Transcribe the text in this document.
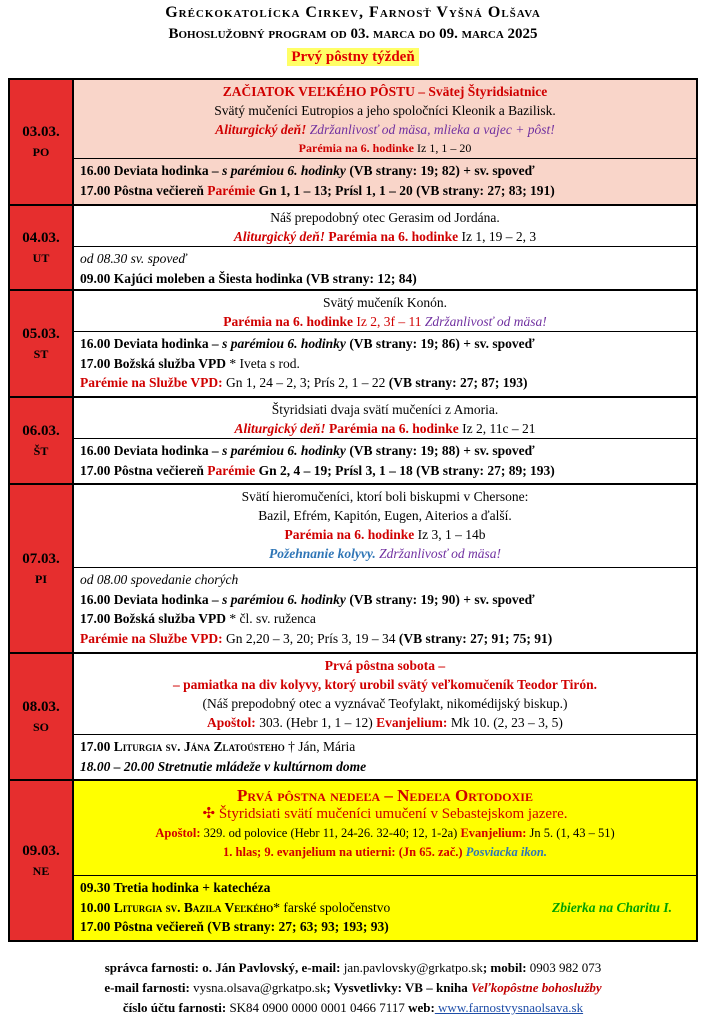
Gréckokatolícka Cirkev, Farnosť Vyšná Olšava
Bohoslužobný program od 03. marca do 09. marca 2025
Prvý pôstny týždeň
03.03.
PO
ZAČIATOK VEĽKÉHO PÔSTU – Svätej Štyridsiatnice
Svätý mučeníci Eutropios a jeho spoločníci Kleonik a Bazilisk.
Aliturgický deň! Zdržanlivosť od mäsa, mlieka a vajec + pôst!
Parémia na 6. hodinke Iz 1, 1 – 20
16.00 Deviata hodinka – s parémiou 6. hodinky (VB strany: 19; 82) + sv. spoveď
17.00 Pôstna večiereň Parémie Gn 1, 1 – 13; Prísl 1, 1 – 20 (VB strany: 27; 83; 191)
04.03.
UT
Náš prepodobný otec Gerasim od Jordána.
Aliturgický deň! Parémia na 6. hodinke Iz 1, 19 – 2, 3
od 08.30 sv. spoveď
09.00 Kajúci moleben a Šiesta hodinka (VB strany: 12; 84)
05.03.
ST
Svätý mučeník Konón.
Parémia na 6. hodinke Iz 2, 3f – 11 Zdržanlivosť od mäsa!
16.00 Deviata hodinka – s parémiou 6. hodinky (VB strany: 19; 86) + sv. spoveď
17.00 Božská služba VPD * Iveta s rod.
Parémie na Službe VPD: Gn 1, 24 – 2, 3; Prís 2, 1 – 22 (VB strany: 27; 87; 193)
06.03.
ŠT
Štyridsiati dvaja svätí mučeníci z Amoria.
Aliturgický deň! Parémia na 6. hodinke Iz 2, 11c – 21
16.00 Deviata hodinka – s parémiou 6. hodinky (VB strany: 19; 88) + sv. spoveď
17.00 Pôstna večiereň Parémie Gn 2, 4 – 19; Prísl 3, 1 – 18 (VB strany: 27; 89; 193)
07.03.
PI
Svätí hieromučeníci, ktorí boli biskupmi v Chersone:
Bazil, Efrém, Kapitón, Eugen, Aiterios a ďalší.
Parémia na 6. hodinke Iz 3, 1 – 14b
Požehnanie kolyvy. Zdržanlivosť od mäsa!
od 08.00 spovedanie chorých
16.00 Deviata hodinka – s parémiou 6. hodinky (VB strany: 19; 90) + sv. spoveď
17.00 Božská služba VPD * čl. sv. ruženca
Parémie na Službe VPD: Gn 2,20 – 3, 20; Prís 3, 19 – 34 (VB strany: 27; 91; 75; 91)
08.03.
SO
Prvá pôstna sobota –
– pamiatka na div kolyvy, ktorý urobil svätý veľkomučeník Teodor Tirón.
(Náš prepodobný otec a vyznávač Teofylakt, nikomédijský biskup.)
Apoštol: 303. (Hebr 1, 1 – 12) Evanjelium: Mk 10. (2, 23 – 3, 5)
17.00 Liturgia sv. Jána Zlatoústeho † Ján, Mária
18.00 – 20.00 Stretnutie mládeže v kultúrnom dome
09.03.
NE
Prvá pôstna nedeľa – Nedeľa Ortodoxie
✣ Štyridsiati svätí mučeníci umučení v Sebastejskom jazere.
Apoštol: 329. od polovice (Hebr 11, 24-26. 32-40; 12, 1-2a) Evanjelium: Jn 5. (1, 43 – 51)
1. hlas; 9. evanjelium na utierni: (Jn 65. zač.) Posviacka ikon.
09.30 Tretia hodinka + katechéza
10.00 Liturgia sv. Bazila Veľkého * farské spoločenstvo	Zbierka na Charitu I.
17.00 Pôstna večiereň (VB strany: 27; 63; 93; 193; 93)
správca farnosti: o. Ján Pavlovský, e-mail: jan.pavlovsky@grkatpo.sk; mobil: 0903 982 073
e-mail farnosti: vysna.olsava@grkatpo.sk; Vysvetlivky: VB – kniha Veľkopôstne bohoslužby
číslo účtu farnosti: SK84 0900 0000 0001 0466 7117 web: www.farnostvysnaolsava.sk
